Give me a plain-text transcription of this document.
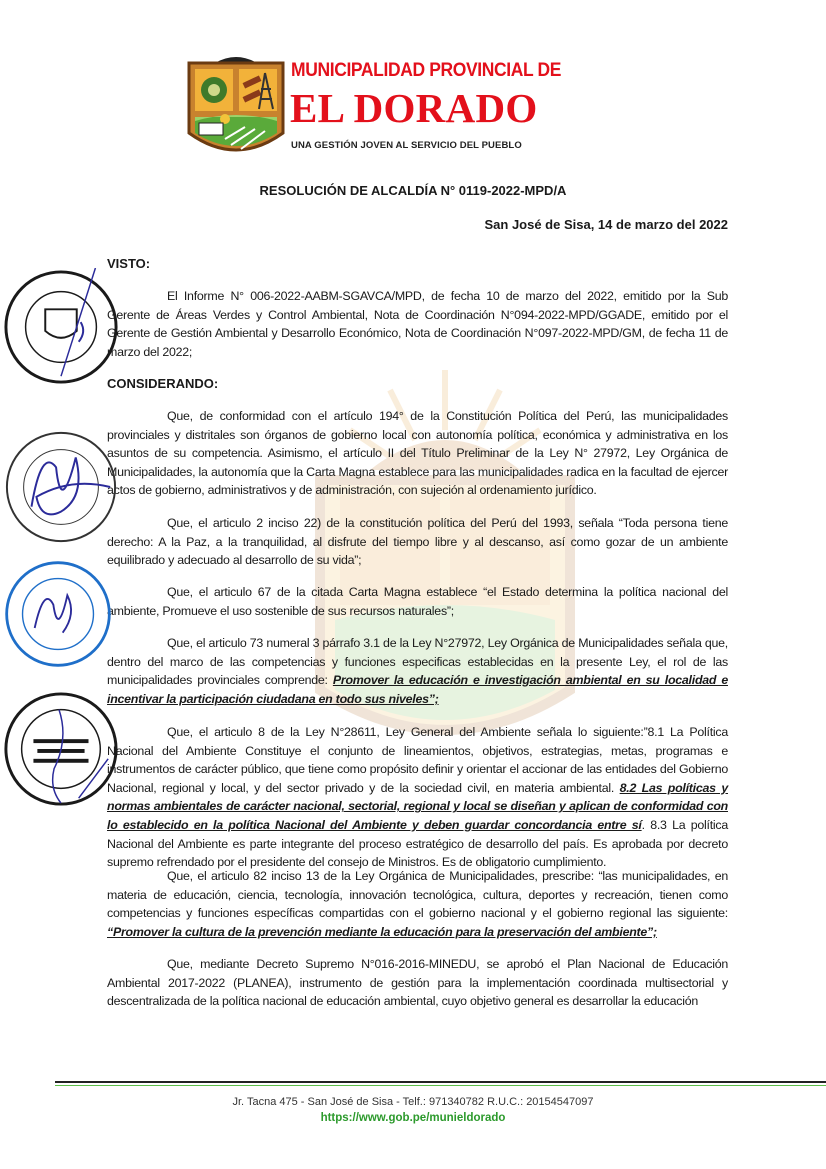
MUNICIPALIDAD PROVINCIAL DE
EL DORADO
UNA GESTIÓN JOVEN AL SERVICIO DEL PUEBLO
RESOLUCIÓN DE ALCALDÍA N° 0119-2022-MPD/A
San José de Sisa, 14 de marzo del 2022
VISTO:
El Informe N° 006-2022-AABM-SGAVCA/MPD, de fecha 10 de marzo del 2022, emitido por la Sub Gerente de Áreas Verdes y Control Ambiental, Nota de Coordinación N°094-2022-MPD/GGADE, emitido por el Gerente de Gestión Ambiental y Desarrollo Económico, Nota de Coordinación N°097-2022-MPD/GM, de fecha 11 de marzo del 2022;
CONSIDERANDO:
Que, de conformidad con el artículo 194° de la Constitución Política del Perú, las municipalidades provinciales y distritales son órganos de gobierno local con autonomía política, económica y administrativa en los asuntos de su competencia. Asimismo, el artículo II del Título Preliminar de la Ley N° 27972, Ley Orgánica de Municipalidades, la autonomía que la Carta Magna establece para las municipalidades radica en la facultad de ejercer actos de gobierno, administrativos y de administración, con sujeción al ordenamiento jurídico.
Que, el articulo 2 inciso 22) de la constitución política del Perú del 1993, señala “Toda persona tiene derecho: A la Paz, a la tranquilidad, al disfrute del tiempo libre y al descanso, así como gozar de un ambiente equilibrado y adecuado al desarrollo de su vida”;
Que, el articulo 67 de la citada Carta Magna establece “el Estado determina la política nacional del ambiente, Promueve el uso sostenible de sus recursos naturales”;
Que, el articulo 73 numeral 3 párrafo 3.1 de la Ley N°27972, Ley Orgánica de Municipalidades señala que, dentro del marco de las competencias y funciones especificas establecidas en la presente Ley, el rol de las municipalidades provinciales comprende: Promover la educación e investigación ambiental en su localidad e incentivar la participación ciudadana en todo sus niveles”;
Que, el articulo 8 de la Ley N°28611, Ley General del Ambiente señala lo siguiente:”8.1 La Política Nacional del Ambiente Constituye el conjunto de lineamientos, objetivos, estrategias, metas, programas e instrumentos de carácter público, que tiene como propósito definir y orientar el accionar de las entidades del Gobierno Nacional, regional y local, y del sector privado y de la sociedad civil, en materia ambiental. 8.2 Las políticas y normas ambientales de carácter nacional, sectorial, regional y local se diseñan y aplican de conformidad con lo establecido en la política Nacional del Ambiente y deben guardar concordancia entre sí. 8.3 La política Nacional del Ambiente es parte integrante del proceso estratégico de desarrollo del país. Es aprobada por decreto supremo refrendado por el presidente del consejo de Ministros. Es de obligatorio cumplimiento.
Que, el articulo 82 inciso 13 de la Ley Orgánica de Municipalidades, prescribe: “las municipalidades, en materia de educación, ciencia, tecnología, innovación tecnológica, cultura, deportes y recreación, tienen como competencias y funciones específicas compartidas con el gobierno nacional y el gobierno regional las siguiente: “Promover la cultura de la prevención mediante la educación para la preservación del ambiente”;
Que, mediante Decreto Supremo N°016-2016-MINEDU, se aprobó el Plan Nacional de Educación Ambiental 2017-2022 (PLANEA), instrumento de gestión para la implementación coordinada multisectorial y descentralizada de la política nacional de educación ambiental, cuyo objetivo general es desarrollar la educación
Jr. Tacna 475 - San José de Sisa - Telf.: 971340782 R.U.C.: 20154547097
https://www.gob.pe/munieldorado
